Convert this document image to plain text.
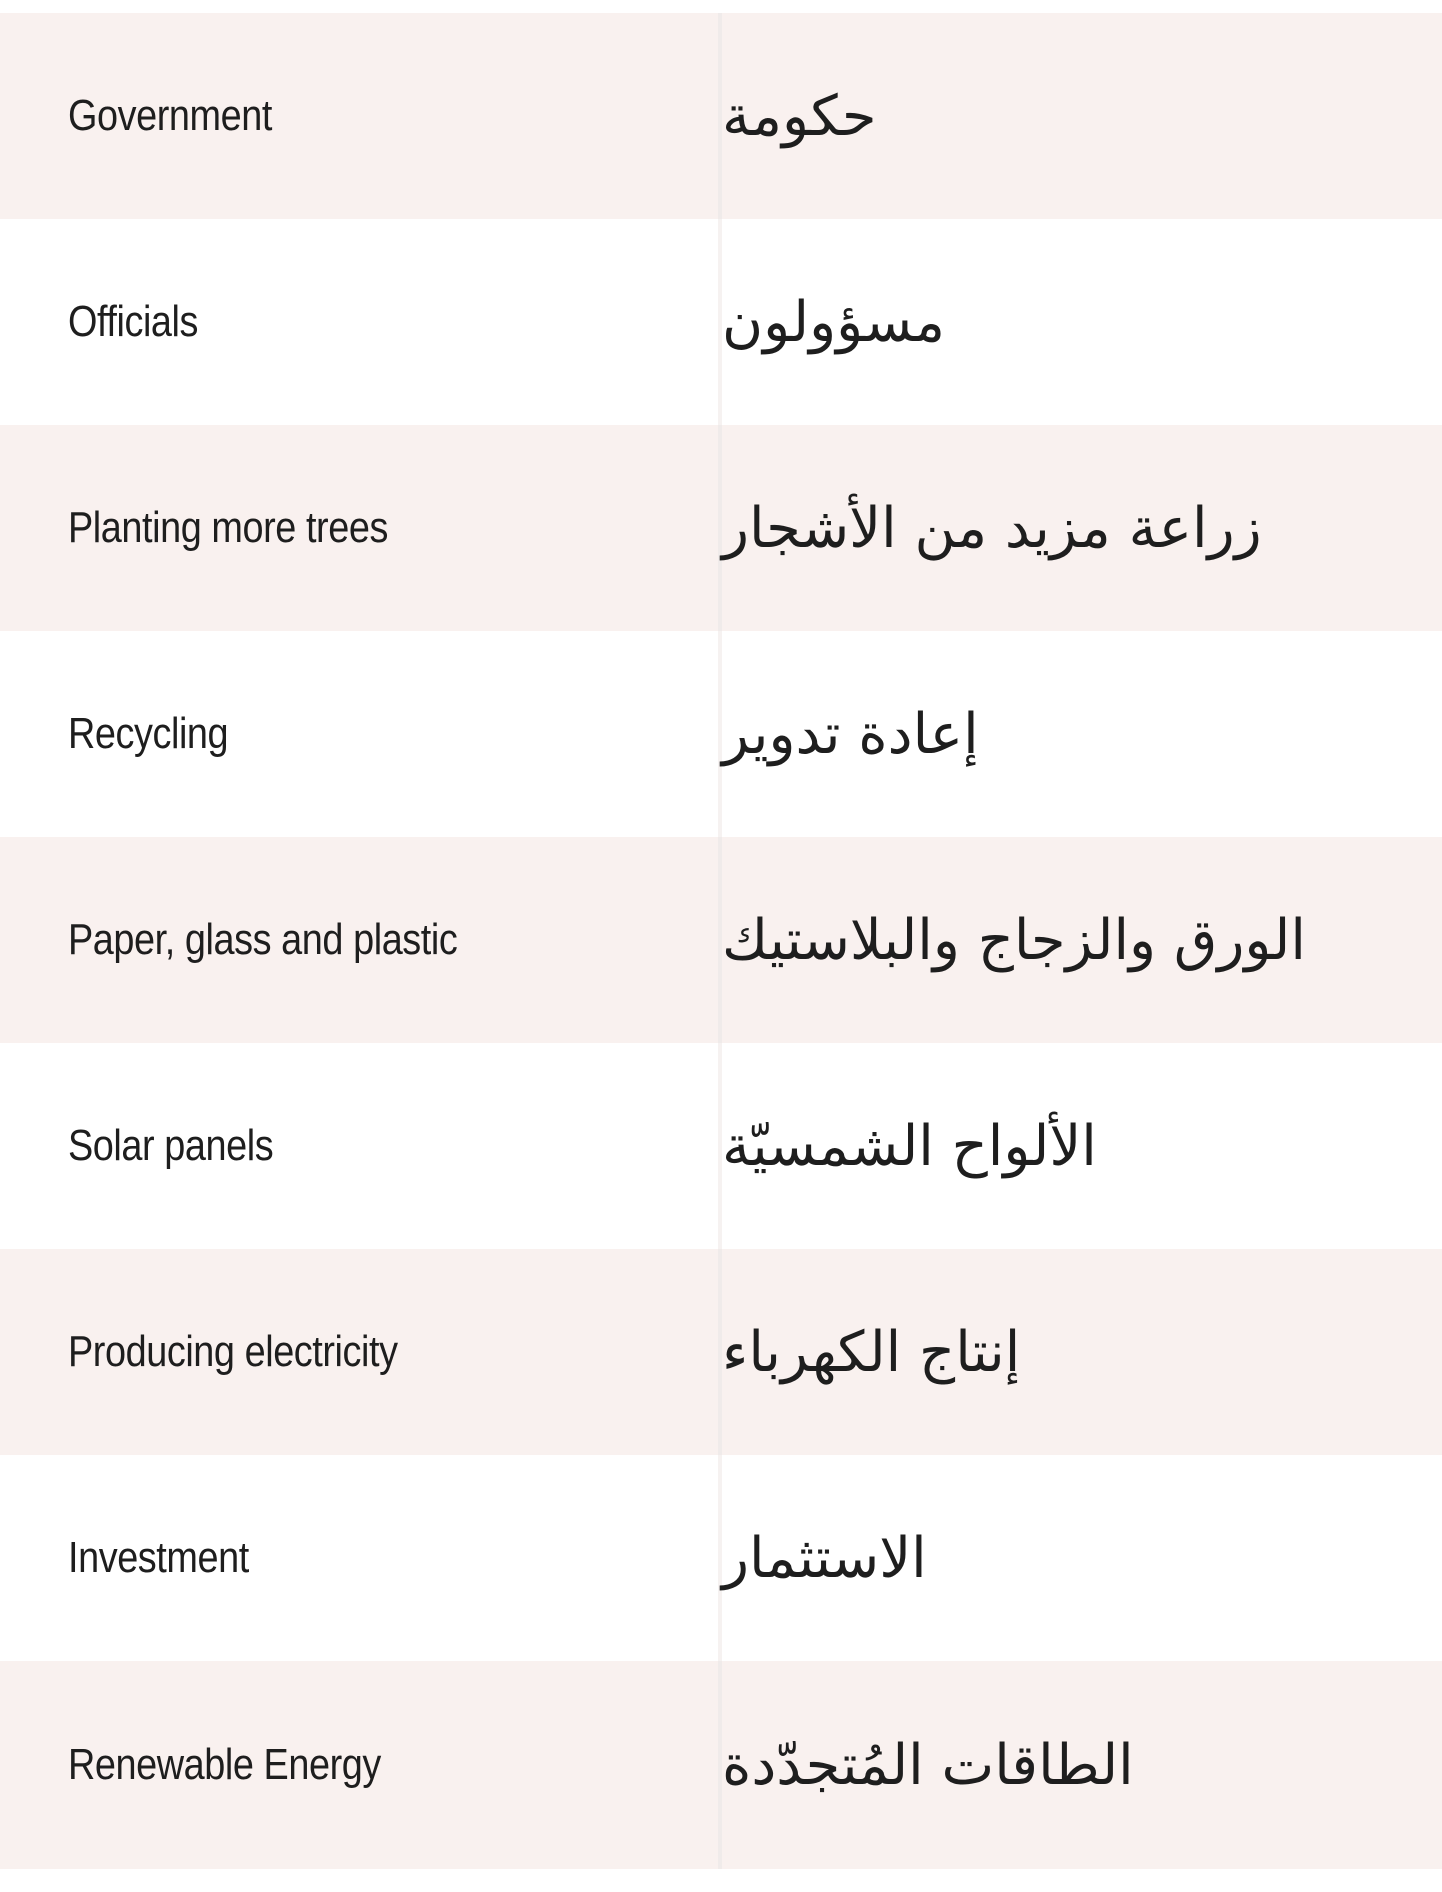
Government	حكومة
Officials	مسؤولون
Planting more trees	زراعة مزيد من الأشجار
Recycling	إعادة تدوير
Paper, glass and plastic	الورق والزجاج والبلاستيك
Solar panels	الألواح الشمسيّة
Producing electricity	إنتاج الكهرباء
Investment	الاستثمار
Renewable Energy	الطاقات المُتجدّدة
